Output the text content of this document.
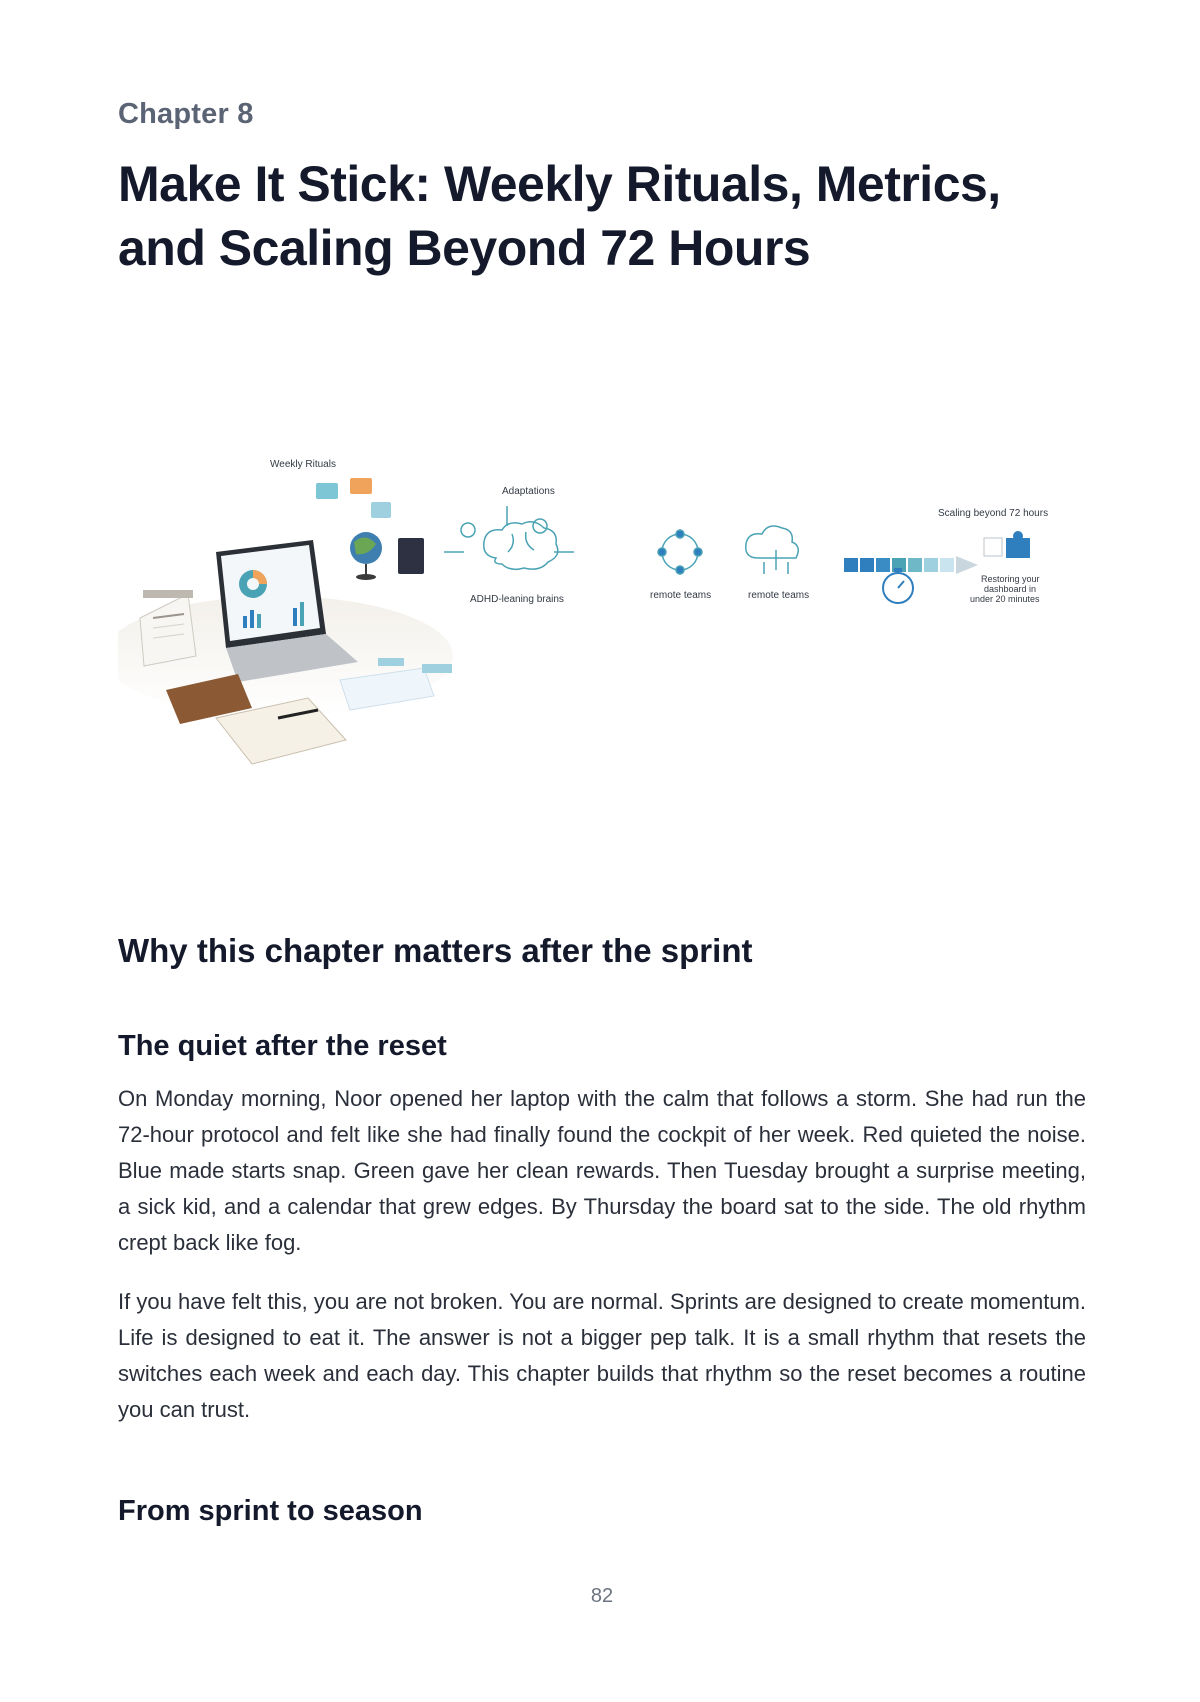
Chapter 8
Make It Stick: Weekly Rituals, Metrics, and Scaling Beyond 72 Hours
Weekly Rituals
Adaptations
ADHD-leaning brains	remote teams	remote teams
Scaling beyond 72 hours
Restoring your
dashboard in
under 20 minutes
Why this chapter matters after the sprint
The quiet after the reset

On Monday morning, Noor opened her laptop with the calm that follows a storm. She had run the 72-hour protocol and felt like she had finally found the cockpit of her week. Red quieted the noise. Blue made starts snap. Green gave her clean rewards. Then Tuesday brought a surprise meeting, a sick kid, and a calendar that grew edges. By Thursday the board sat to the side. The old rhythm crept back like fog.

If you have felt this, you are not broken. You are normal. Sprints are designed to create momentum. Life is designed to eat it. The answer is not a bigger pep talk. It is a small rhythm that resets the switches each week and each day. This chapter builds that rhythm so the reset becomes a routine you can trust.

From sprint to season
82
